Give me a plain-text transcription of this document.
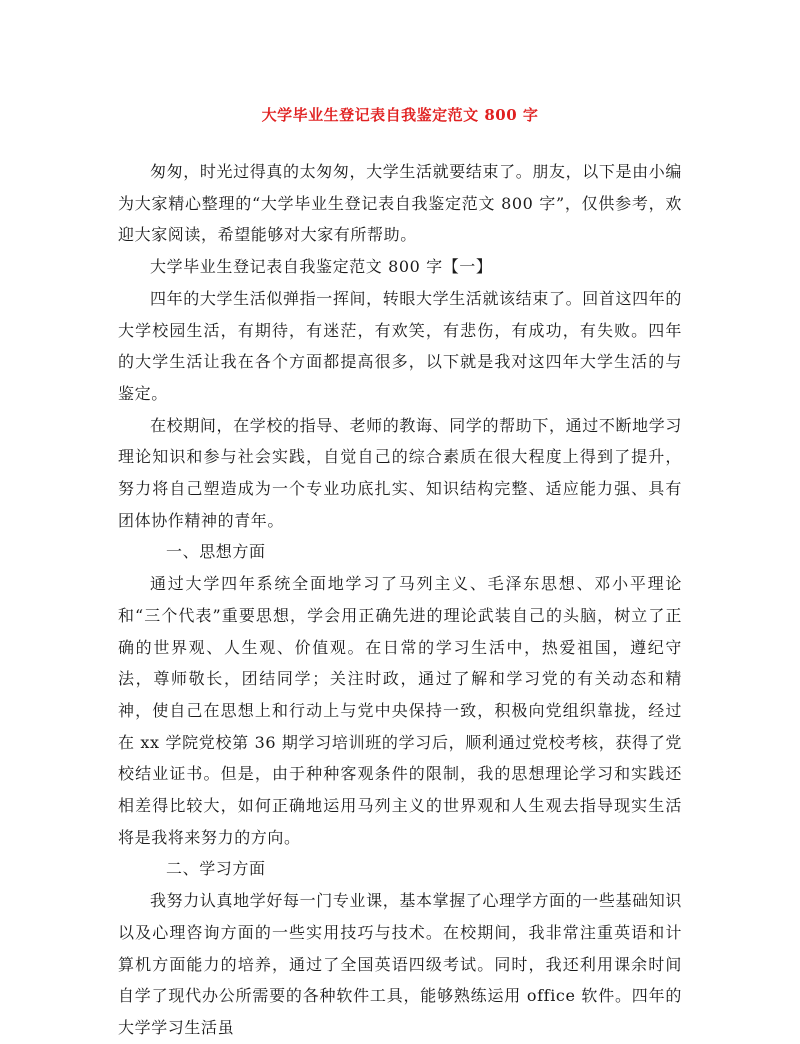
大学毕业生登记表自我鉴定范文 800 字

匆匆，时光过得真的太匆匆，大学生活就要结束了。朋友，以下是由小编为大家精心整理的“大学毕业生登记表自我鉴定范文 800 字”，仅供参考，欢迎大家阅读，希望能够对大家有所帮助。

大学毕业生登记表自我鉴定范文 800 字【一】

四年的大学生活似弹指一挥间，转眼大学生活就该结束了。回首这四年的大学校园生活，有期待，有迷茫，有欢笑，有悲伤，有成功，有失败。四年的大学生活让我在各个方面都提高很多，以下就是我对这四年大学生活的与鉴定。

在校期间，在学校的指导、老师的教诲、同学的帮助下，通过不断地学习理论知识和参与社会实践，自觉自己的综合素质在很大程度上得到了提升，努力将自己塑造成为一个专业功底扎实、知识结构完整、适应能力强、具有团体协作精神的青年。

一、思想方面

通过大学四年系统全面地学习了马列主义、毛泽东思想、邓小平理论和“三个代表”重要思想，学会用正确先进的理论武装自己的头脑，树立了正确的世界观、人生观、价值观。在日常的学习生活中，热爱祖国，遵纪守法，尊师敬长，团结同学；关注时政，通过了解和学习党的有关动态和精神，使自己在思想上和行动上与党中央保持一致，积极向党组织靠拢，经过在 xx 学院党校第 36 期学习培训班的学习后，顺利通过党校考核，获得了党校结业证书。但是，由于种种客观条件的限制，我的思想理论学习和实践还相差得比较大，如何正确地运用马列主义的世界观和人生观去指导现实生活将是我将来努力的方向。

二、学习方面

我努力认真地学好每一门专业课，基本掌握了心理学方面的一些基础知识以及心理咨询方面的一些实用技巧与技术。在校期间，我非常注重英语和计算机方面能力的培养，通过了全国英语四级考试。同时，我还利用课余时间自学了现代办公所需要的各种软件工具，能够熟练运用 office 软件。四年的大学学习生活虽
